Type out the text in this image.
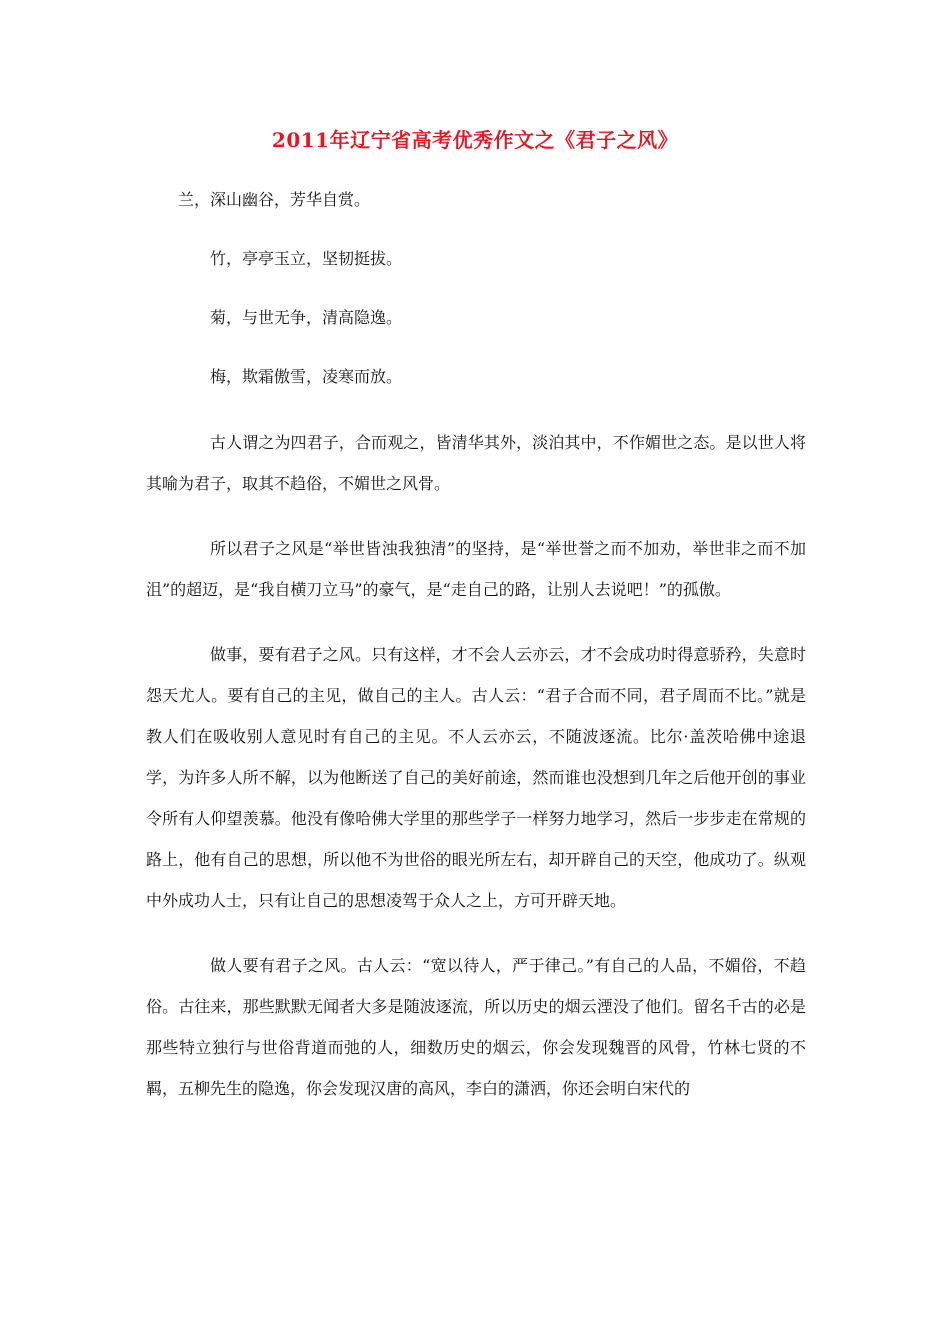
2011年辽宁省高考优秀作文之《君子之风》

兰，深山幽谷，芳华自赏。

竹，亭亭玉立，坚韧挺拔。

菊，与世无争，清高隐逸。

梅，欺霜傲雪，凌寒而放。

古人谓之为四君子，合而观之，皆清华其外，淡泊其中，不作媚世之态。是以世人将其喻为君子，取其不趋俗，不媚世之风骨。

所以君子之风是“举世皆浊我独清”的坚持，是“举世誉之而不加劝，举世非之而不加沮”的超迈，是“我自横刀立马”的豪气，是“走自己的路，让别人去说吧！”的孤傲。

做事，要有君子之风。只有这样，才不会人云亦云，才不会成功时得意骄矜，失意时怨天尤人。要有自己的主见，做自己的主人。古人云：“君子合而不同，君子周而不比。”就是教人们在吸收别人意见时有自己的主见。不人云亦云，不随波逐流。比尔·盖茨哈佛中途退学，为许多人所不解，以为他断送了自己的美好前途，然而谁也没想到几年之后他开创的事业令所有人仰望羡慕。他没有像哈佛大学里的那些学子一样努力地学习，然后一步步走在常规的路上，他有自己的思想，所以他不为世俗的眼光所左右，却开辟自己的天空，他成功了。纵观中外成功人士，只有让自己的思想凌驾于众人之上，方可开辟天地。

做人要有君子之风。古人云：“宽以待人，严于律己。”有自己的人品，不媚俗，不趋俗。古往来，那些默默无闻者大多是随波逐流，所以历史的烟云湮没了他们。留名千古的必是那些特立独行与世俗背道而弛的人，细数历史的烟云，你会发现魏晋的风骨，竹林七贤的不羁，五柳先生的隐逸，你会发现汉唐的高风，李白的潇洒，你还会明白宋代的
